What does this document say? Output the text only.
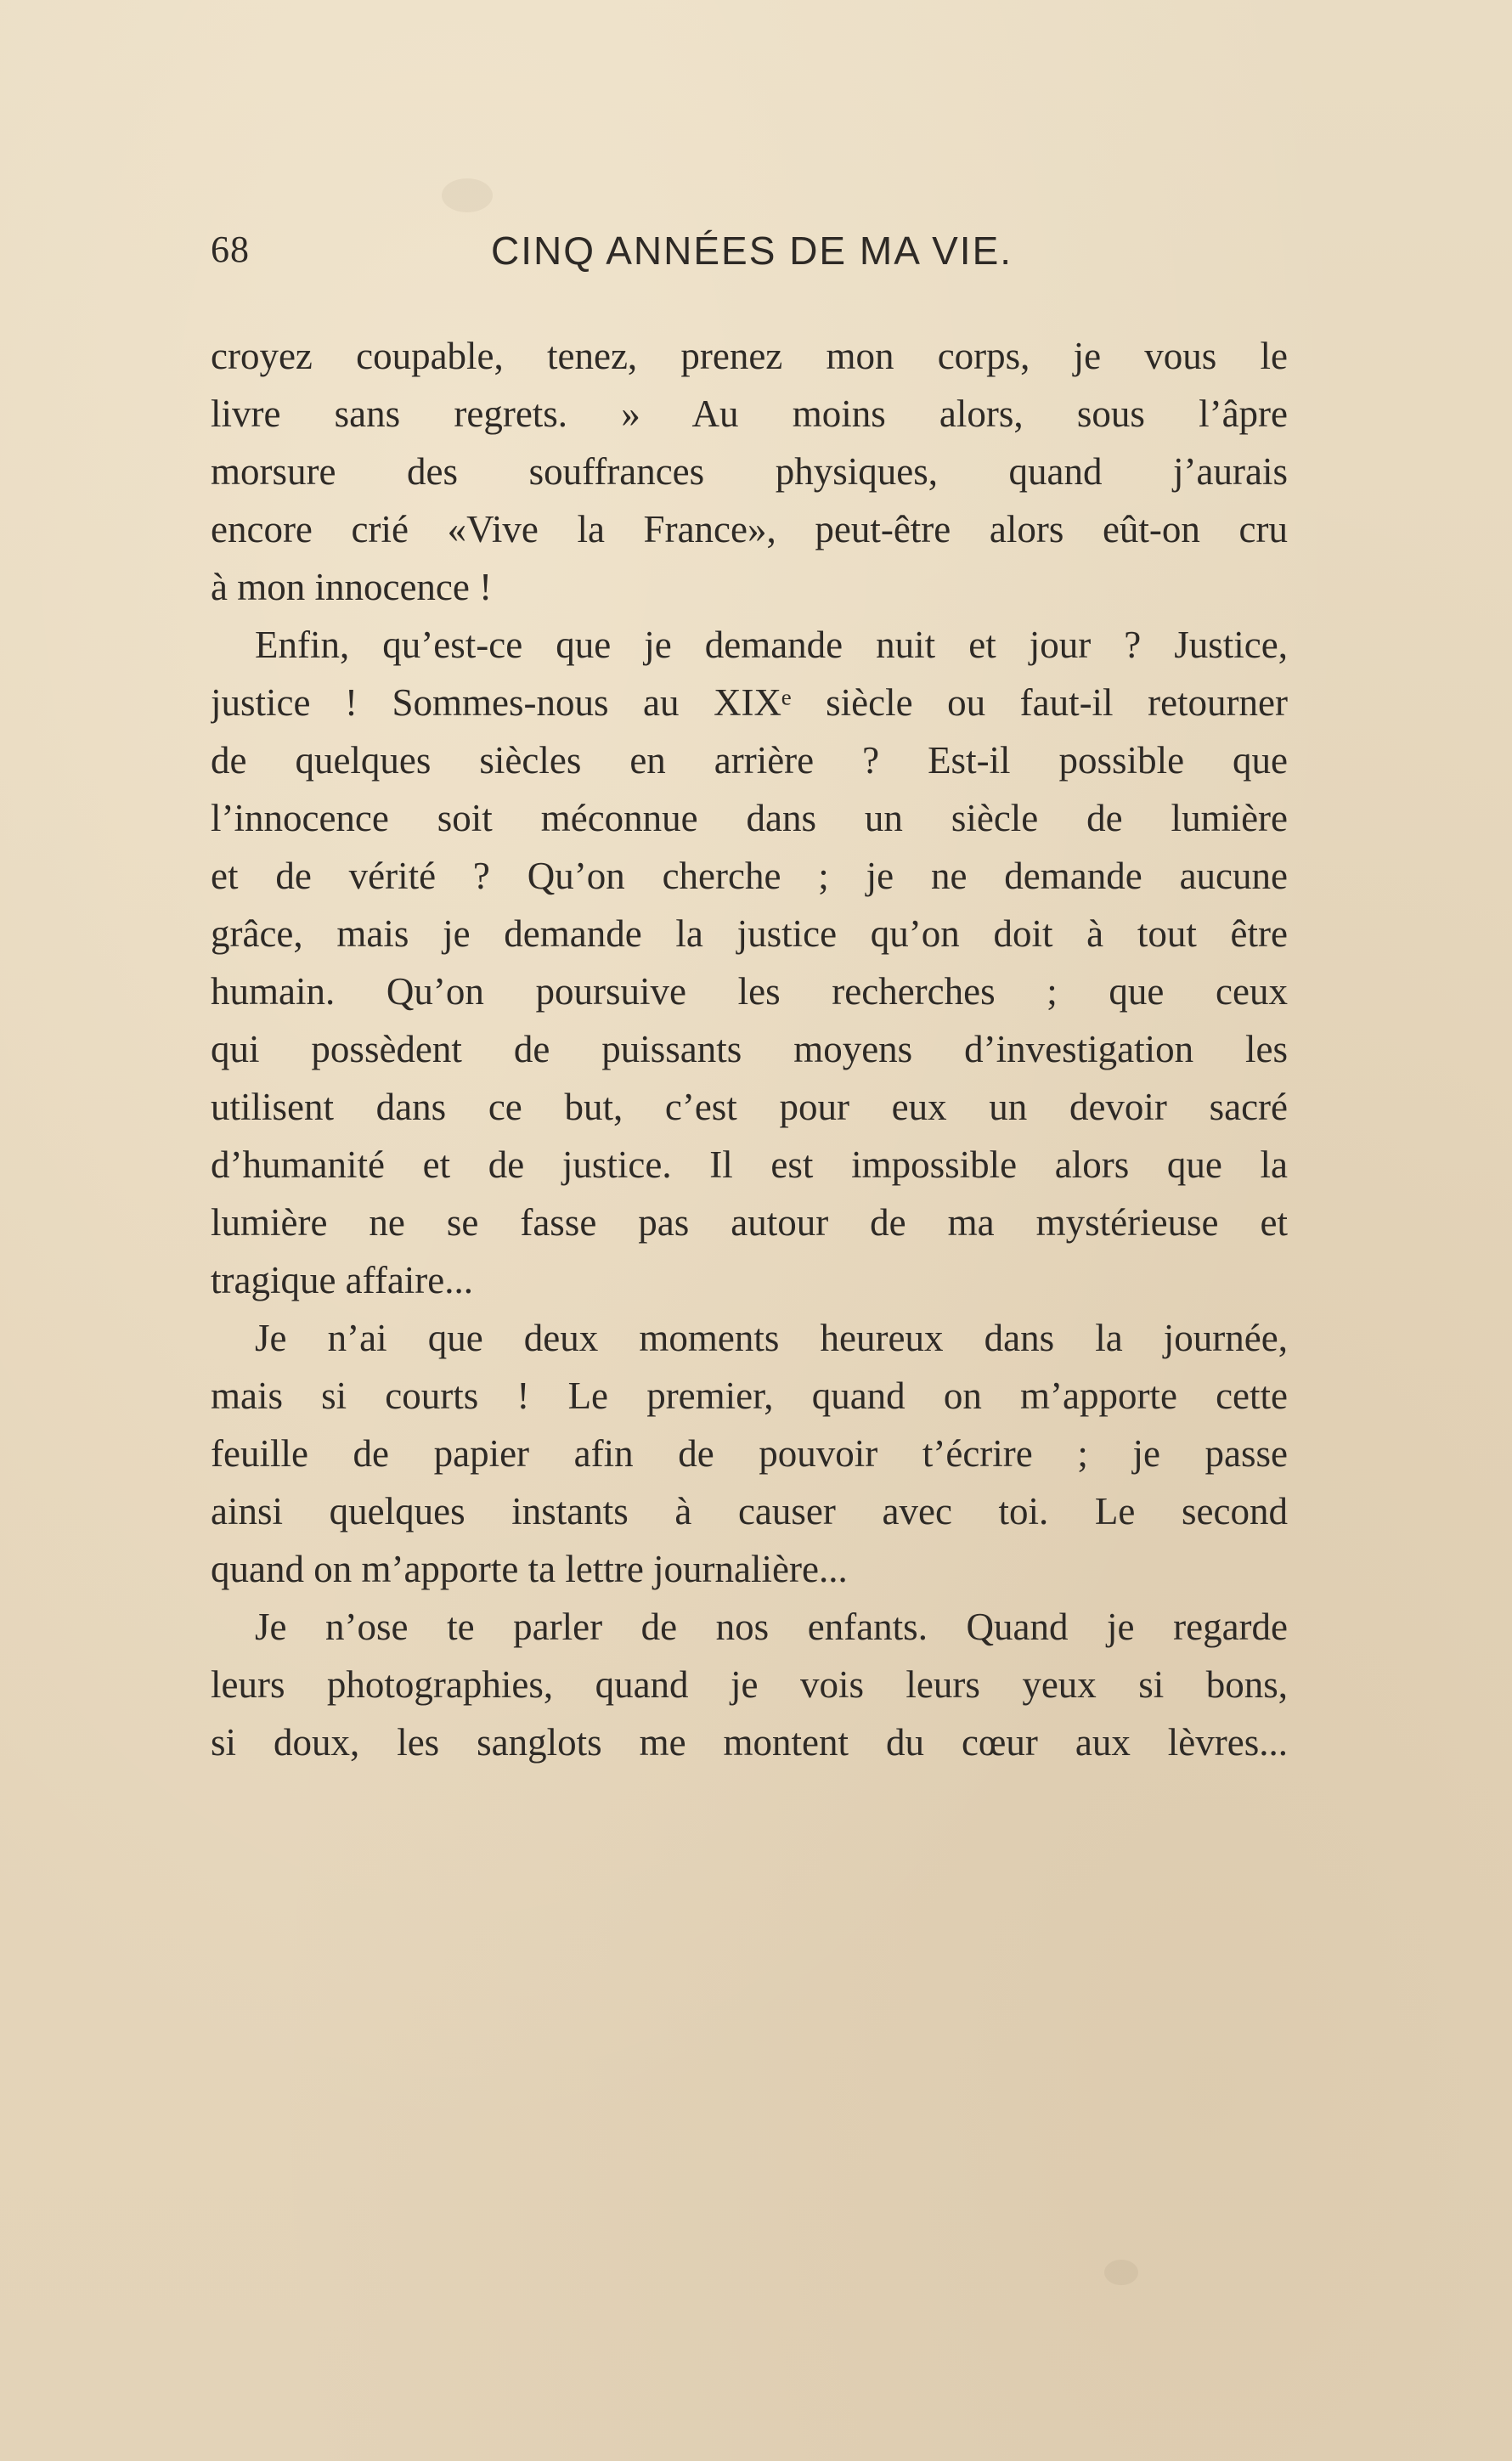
68	CINQ ANNÉES DE MA VIE.
croyez coupable, tenez, prenez mon corps, je vous le
livre sans regrets. » Au moins alors, sous l’âpre
morsure des souffrances physiques, quand j’aurais
encore crié «Vive la France», peut-être alors eût-on cru
à mon innocence !
Enfin, qu’est-ce que je demande nuit et jour ? Justice,
justice ! Sommes-nous au XIXᵉ siècle ou faut-il retourner
de quelques siècles en arrière ? Est-il possible que
l’innocence soit méconnue dans un siècle de lumière
et de vérité ? Qu’on cherche ; je ne demande aucune
grâce, mais je demande la justice qu’on doit à tout être
humain. Qu’on poursuive les recherches ; que ceux
qui possèdent de puissants moyens d’investigation les
utilisent dans ce but, c’est pour eux un devoir sacré
d’humanité et de justice. Il est impossible alors que la
lumière ne se fasse pas autour de ma mystérieuse et
tragique affaire...
Je n’ai que deux moments heureux dans la journée,
mais si courts ! Le premier, quand on m’apporte cette
feuille de papier afin de pouvoir t’écrire ; je passe
ainsi quelques instants à causer avec toi. Le second
quand on m’apporte ta lettre journalière...
Je n’ose te parler de nos enfants. Quand je regarde
leurs photographies, quand je vois leurs yeux si bons,
si doux, les sanglots me montent du cœur aux lèvres...
